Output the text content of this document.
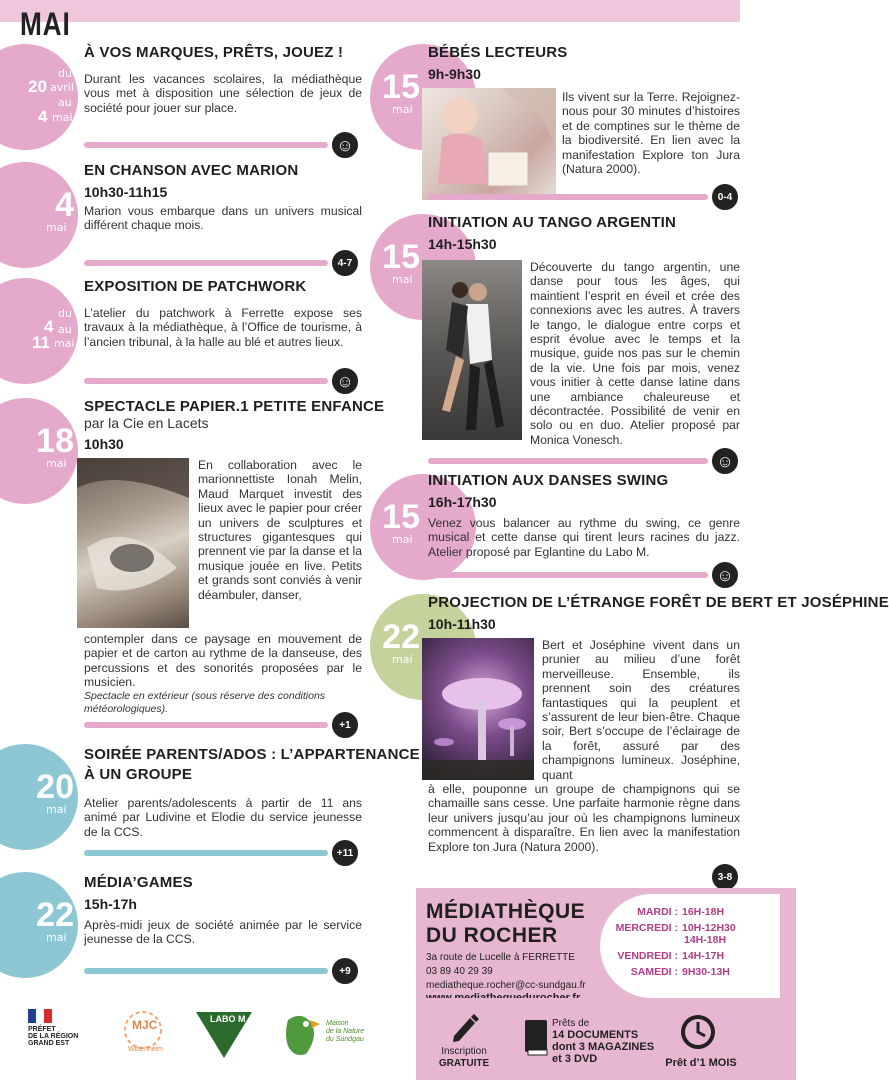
MAI
du
20 avril
au
4 mai
À VOS MARQUES, PRÊTS, JOUEZ !
Durant les vacances scolaires, la médiathèque vous met à disposition une sélection de jeux de société pour jouer sur place.
☺
4
mai
EN CHANSON AVEC MARION
10h30-11h15
Marion vous embarque dans un univers musical différent chaque mois.
4-7
du
4 au
11 mai
EXPOSITION DE PATCHWORK
L’atelier du patchwork à Ferrette expose ses travaux à la médiathèque, à l’Office de tourisme, à l’ancien tribunal, à la halle au blé et autres lieux.
☺
18
mai
SPECTACLE PAPIER.1 PETITE ENFANCE
par la Cie en Lacets
10h30
En collaboration avec le marionnettiste Ionah Melin, Maud Marquet investit des lieux avec le papier pour créer un univers de sculptures et structures gigantesques qui prennent vie par la danse et la musique jouée en live. Petits et grands sont conviés à venir déambuler, danser,
contempler dans ce paysage en mouvement de papier et de carton au rythme de la danseuse, des percussions et des sonorités proposées par le musicien.
Spectacle en extérieur (sous réserve des conditions météorologiques).
+1
20
mai
SOIRÉE PARENTS/ADOS : L’APPARTENANCE
À UN GROUPE
Atelier parents/adolescents à partir de 11 ans animé par Ludivine et Elodie du service jeunesse de la CCS.
+11
22
mai
MÉDIA’GAMES
15h-17h
Après-midi jeux de société animée par le service jeunesse de la CCS.
+9
15
mai
BÉBÉS LECTEURS
9h-9h30
Ils vivent sur la Terre. Rejoignez-nous pour 30 minutes d’histoires et de comptines sur le thème de la biodiversité. En lien avec la manifestation Explore ton Jura (Natura 2000).
0-4
15
mai
INITIATION AU TANGO ARGENTIN
14h-15h30
Découverte du tango argentin, une danse pour tous les âges, qui maintient l’esprit en éveil et crée des connexions avec les autres. À travers le tango, le dialogue entre corps et esprit évolue avec le temps et la musique, guide nos pas sur le chemin de la vie. Une fois par mois, venez vous initier à cette danse latine dans une ambiance chaleureuse et décontractée. Possibilité de venir en solo ou en duo. Atelier proposé par Monica Vonesch.
☺
15
mai
INITIATION AUX DANSES SWING
16h-17h30
Venez vous balancer au rythme du swing, ce genre musical et cette danse qui tirent leurs racines du jazz. Atelier proposé par Eglantine du Labo M.
☺
22
mai
PROJECTION DE L’ÉTRANGE FORÊT DE BERT ET JOSÉPHINE
10h-11h30
Bert et Joséphine vivent dans un prunier au milieu d’une forêt merveilleuse. Ensemble, ils prennent soin des créatures fantastiques qui la peuplent et s’assurent de leur bien-être. Chaque soir, Bert s’occupe de l’éclairage de la forêt, assuré par des champignons lumineux. Joséphine, quant
à elle, pouponne un groupe de champignons qui se chamaille sans cesse. Une parfaite harmonie règne dans leur univers jusqu’au jour où les champignons lumineux commencent à disparaître. En lien avec la manifestation Explore ton Jura (Natura 2000).
3-8
MÉDIATHÈQUE
DU ROCHER
3a route de Lucelle à FERRETTE
03 89 40 29 39
mediatheque.rocher@cc-sundgau.fr
MARDI : 16H-18H
MERCREDI : 10H-12H30
14H-18H
VENDREDI : 14H-17H
SAMEDI : 9H30-13H
Inscription
GRATUITE
Prêts de
14 DOCUMENTS
dont 3 MAGAZINES
et 3 DVD	Prêt d’1 MOIS
PRÉFET
DE LA RÉGION
GRAND EST
MJC
Wittenheim
LABO M	Maison
de la Nature
du Sundgau
